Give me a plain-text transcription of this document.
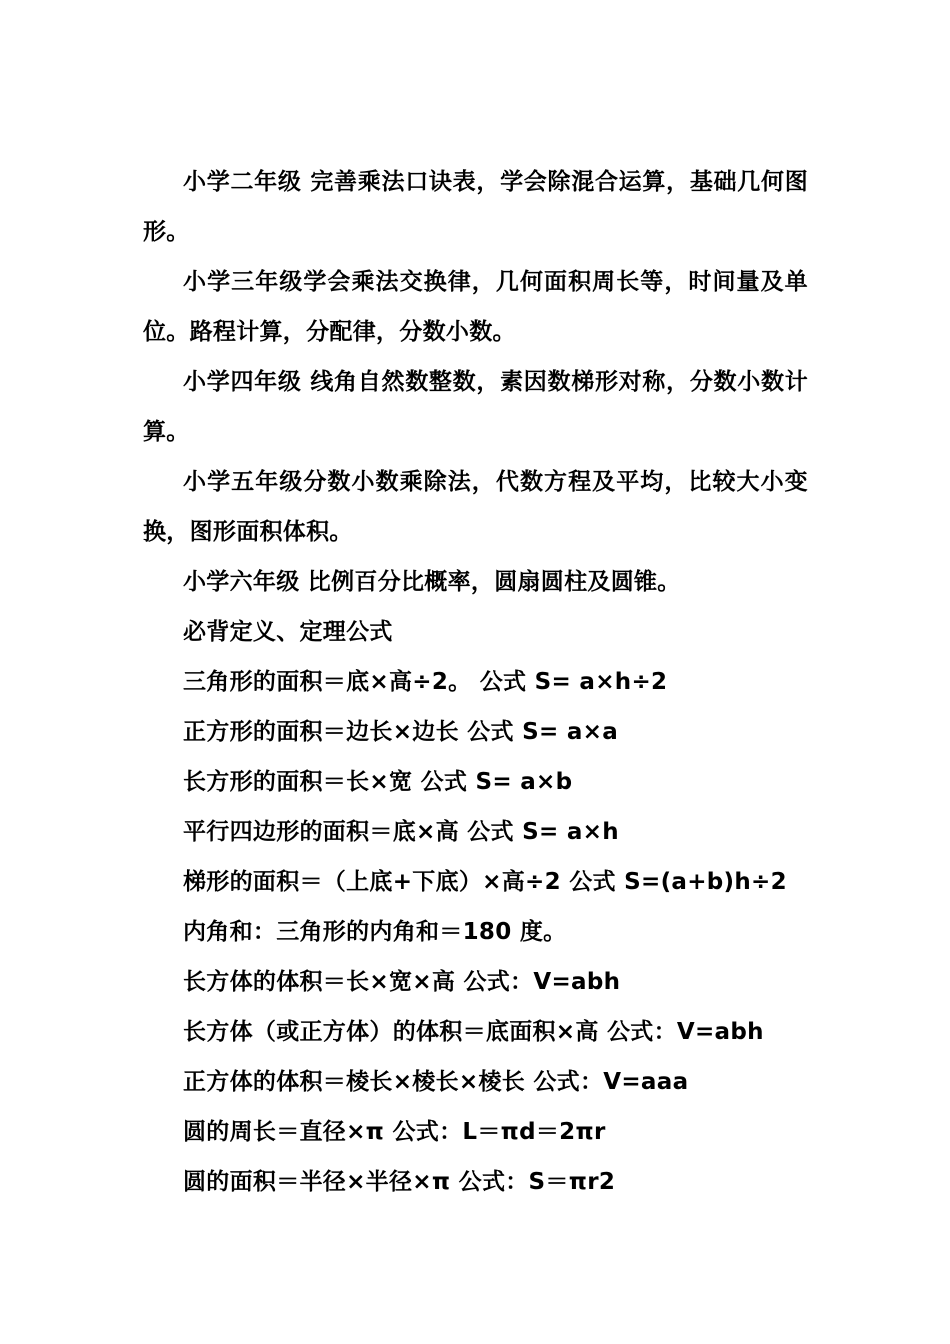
小学二年级 完善乘法口诀表，学会除混合运算，基础几何图形。

小学三年级学会乘法交换律，几何面积周长等，时间量及单位。路程计算，分配律，分数小数。

小学四年级 线角自然数整数，素因数梯形对称，分数小数计算。

小学五年级分数小数乘除法，代数方程及平均，比较大小变换，图形面积体积。

小学六年级 比例百分比概率，圆扇圆柱及圆锥。

必背定义、定理公式

三角形的面积＝底×高÷2。 公式 S= a×h÷2

正方形的面积＝边长×边长 公式 S= a×a

长方形的面积＝长×宽 公式 S= a×b

平行四边形的面积＝底×高 公式 S= a×h

梯形的面积＝（上底+下底）×高÷2 公式 S=(a+b)h÷2

内角和：三角形的内角和＝180 度。

长方体的体积＝长×宽×高 公式：V=abh

长方体（或正方体）的体积＝底面积×高 公式：V=abh

正方体的体积＝棱长×棱长×棱长 公式：V=aaa

圆的周长＝直径×π 公式：L＝πd＝2πr

圆的面积＝半径×半径×π 公式：S＝πr2
